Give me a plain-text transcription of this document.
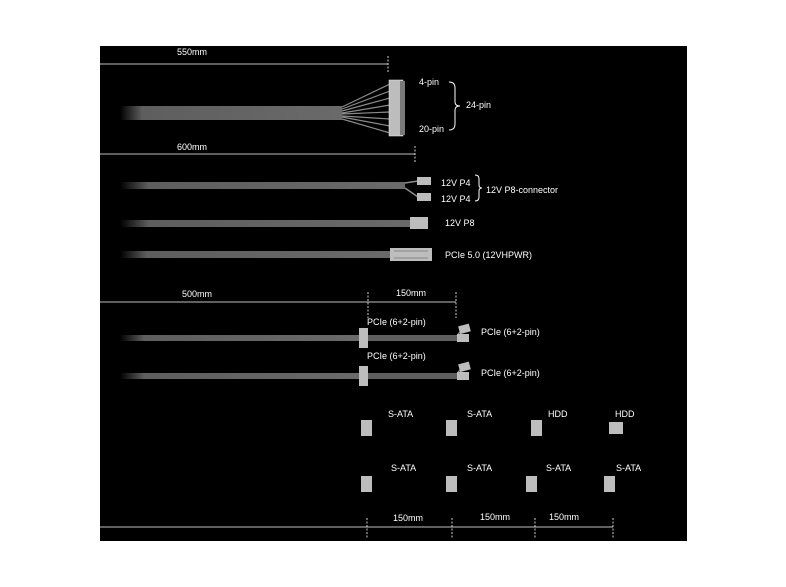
550mm
600mm
4-pin
20-pin
24-pin
12V P4
12V P4
12V P8-connector
12V P8
PCIe 5.0 (12VHPWR)
500mm	150mm
PCIe (6+2-pin)
PCIe (6+2-pin)
PCIe (6+2-pin)
PCIe (6+2-pin)
S-ATA	S-ATA	HDD	HDD
S-ATA	S-ATA	S-ATA	S-ATA
150mm	150mm	150mm
